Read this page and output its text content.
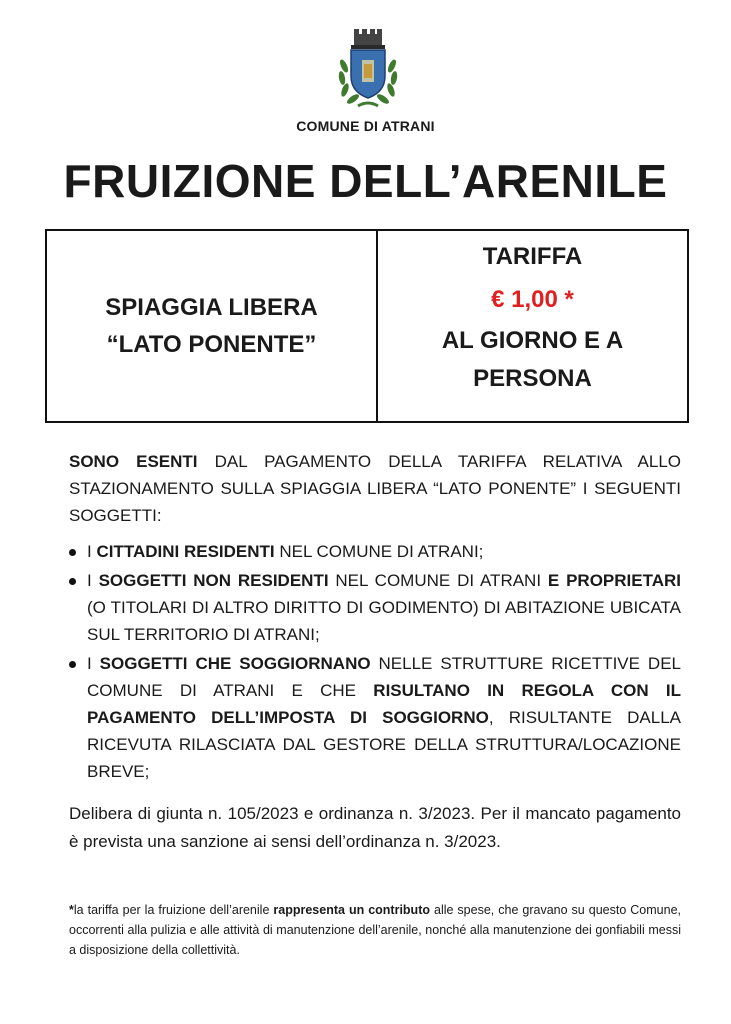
COMUNE DI ATRANI
FRUIZIONE DELL’ARENILE
SPIAGGIA LIBERA
“LATO PONENTE”
TARIFFA
€ 1,00 *
AL GIORNO E A
PERSONA
SONO ESENTI DAL PAGAMENTO DELLA TARIFFA RELATIVA ALLO STAZIONAMENTO SULLA SPIAGGIA LIBERA “LATO PONENTE” I SEGUENTI SOGGETTI:
I CITTADINI RESIDENTI NEL COMUNE DI ATRANI;
I SOGGETTI NON RESIDENTI NEL COMUNE DI ATRANI E PROPRIETARI (O TITOLARI DI ALTRO DIRITTO DI GODIMENTO) DI ABITAZIONE UBICATA SUL TERRITORIO DI ATRANI;
I SOGGETTI CHE SOGGIORNANO NELLE STRUTTURE RICETTIVE DEL COMUNE DI ATRANI E CHE RISULTANO IN REGOLA CON IL PAGAMENTO DELL’IMPOSTA DI SOGGIORNO, RISULTANTE DALLA RICEVUTA RILASCIATA DAL GESTORE DELLA STRUTTURA/LOCAZIONE BREVE;
Delibera di giunta n. 105/2023 e ordinanza n. 3/2023. Per il mancato pagamento è prevista una sanzione ai sensi dell’ordinanza n. 3/2023.
*la tariffa per la fruizione dell’arenile rappresenta un contributo alle spese, che gravano su questo Comune, occorrenti alla pulizia e alle attività di manutenzione dell’arenile, nonché alla manutenzione dei gonfiabili messi a disposizione della collettività.
